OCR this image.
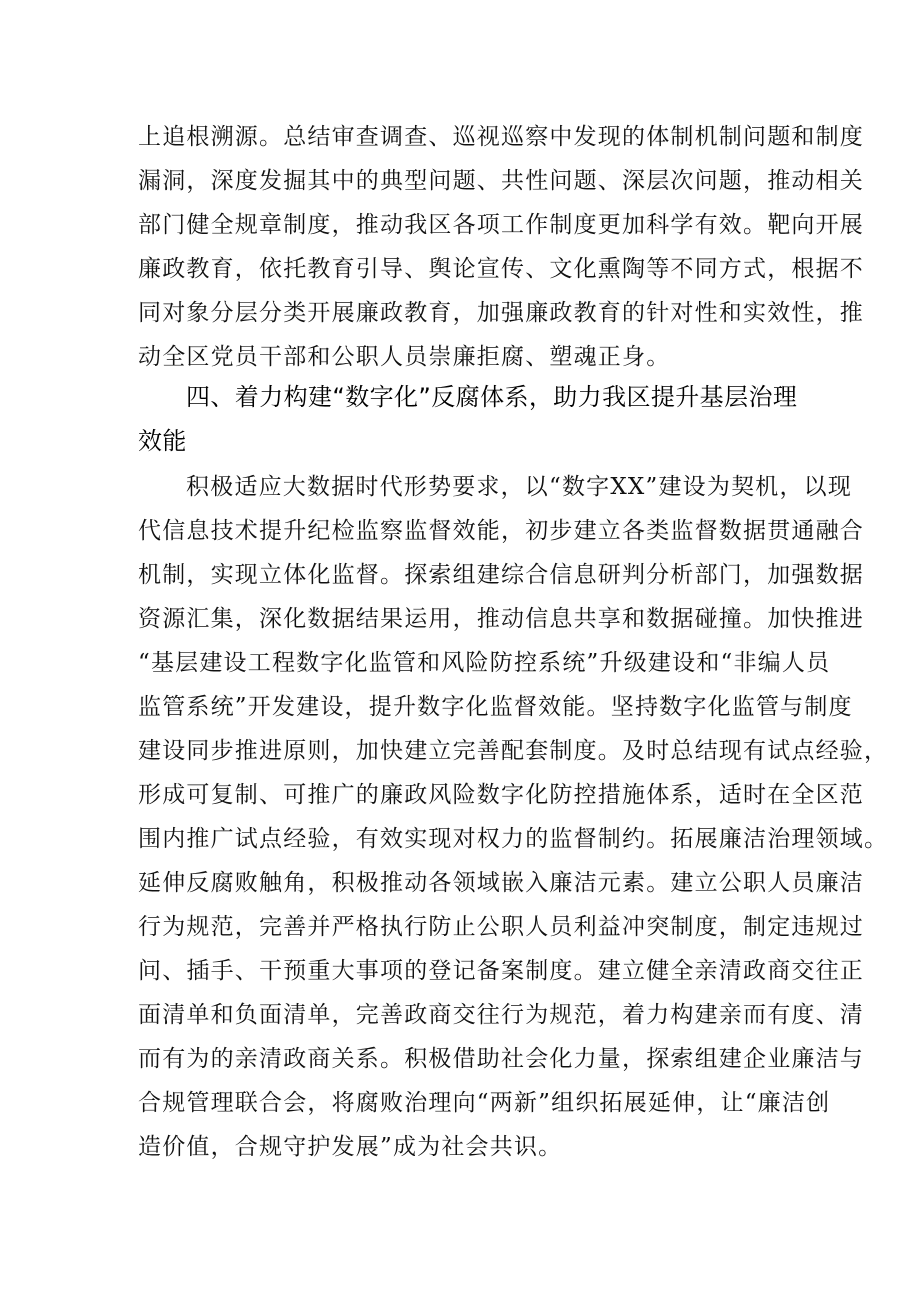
上追根溯源。总结审查调查、巡视巡察中发现的体制机制问题和制度
漏洞，深度发掘其中的典型问题、共性问题、深层次问题，推动相关
部门健全规章制度，推动我区各项工作制度更加科学有效。靶向开展
廉政教育，依托教育引导、舆论宣传、文化熏陶等不同方式，根据不
同对象分层分类开展廉政教育，加强廉政教育的针对性和实效性，推
动全区党员干部和公职人员崇廉拒腐、塑魂正身。
四、着力构建“数字化”反腐体系，助力我区提升基层治理
效能
积极适应大数据时代形势要求，以“数字XX”建设为契机，以现
代信息技术提升纪检监察监督效能，初步建立各类监督数据贯通融合
机制，实现立体化监督。探索组建综合信息研判分析部门，加强数据
资源汇集，深化数据结果运用，推动信息共享和数据碰撞。加快推进
“基层建设工程数字化监管和风险防控系统”升级建设和“非编人员
监管系统”开发建设，提升数字化监督效能。坚持数字化监管与制度
建设同步推进原则，加快建立完善配套制度。及时总结现有试点经验，
形成可复制、可推广的廉政风险数字化防控措施体系，适时在全区范
围内推广试点经验，有效实现对权力的监督制约。拓展廉洁治理领域。
延伸反腐败触角，积极推动各领域嵌入廉洁元素。建立公职人员廉洁
行为规范，完善并严格执行防止公职人员利益冲突制度，制定违规过
问、插手、干预重大事项的登记备案制度。建立健全亲清政商交往正
面清单和负面清单，完善政商交往行为规范，着力构建亲而有度、清
而有为的亲清政商关系。积极借助社会化力量，探索组建企业廉洁与
合规管理联合会，将腐败治理向“两新”组织拓展延伸，让“廉洁创
造价值，合规守护发展”成为社会共识。
